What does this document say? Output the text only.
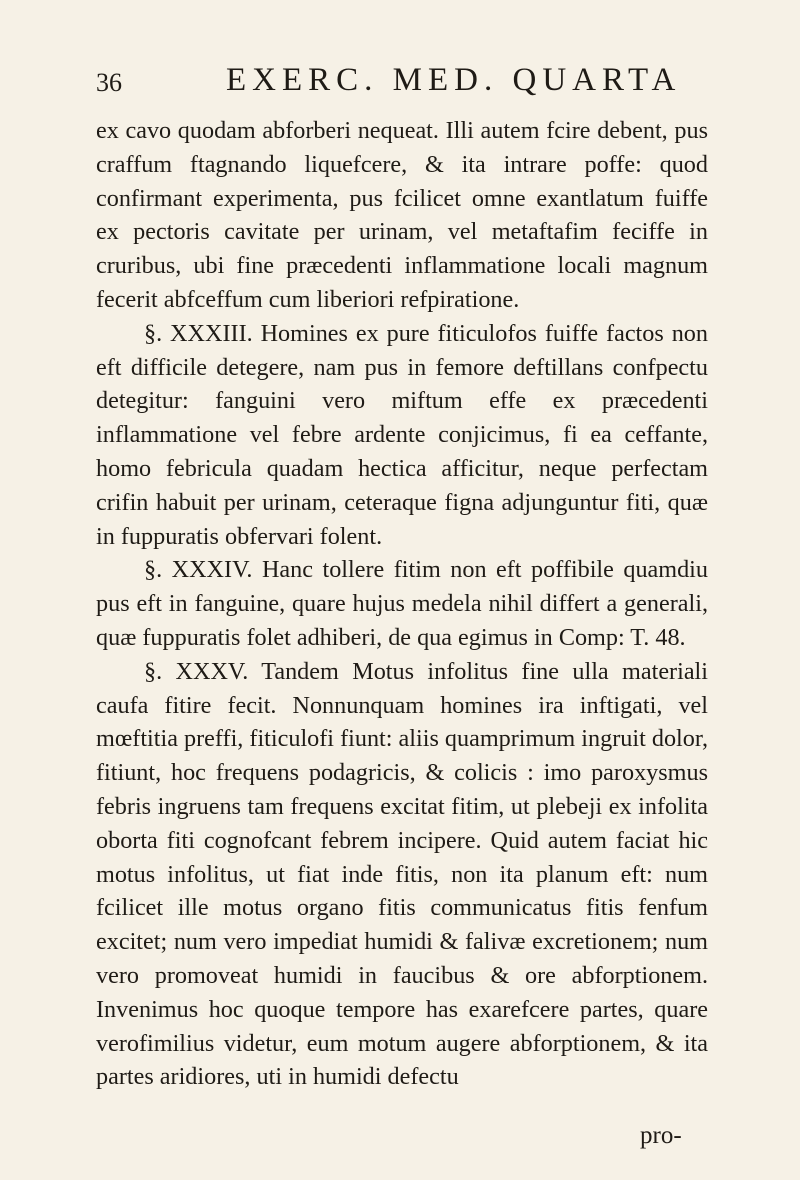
36	EXERC. MED. QUARTA

ex cavo quodam abforberi nequeat. Illi autem fcire debent, pus craffum ftagnando liquefcere, & ita intrare poffe: quod confirmant experimenta, pus fcilicet omne exantlatum fuiffe ex pectoris cavitate per urinam, vel metaftafim feciffe in cruribus, ubi fine præcedenti inflammatione locali magnum fecerit abfceffum cum liberiori refpiratione.

§. XXXIII. Homines ex pure fiticulofos fuiffe factos non eft difficile detegere, nam pus in femore deftillans confpectu detegitur: fanguini vero miftum effe ex præcedenti inflammatione vel febre ardente conjicimus, fi ea ceffante, homo febricula quadam hectica afficitur, neque perfectam crifin habuit per urinam, ceteraque figna adjunguntur fiti, quæ in fuppuratis obfervari folent.

§. XXXIV. Hanc tollere fitim non eft poffibile quamdiu pus eft in fanguine, quare hujus medela nihil differt a generali, quæ fuppuratis folet adhiberi, de qua egimus in Comp: T. 48.

§. XXXV. Tandem Motus infolitus fine ulla materiali caufa fitire fecit. Nonnunquam homines ira inftigati, vel mœftitia preffi, fiticulofi fiunt: aliis quamprimum ingruit dolor, fitiunt, hoc frequens podagricis, & colicis : imo paroxysmus febris ingruens tam frequens excitat fitim, ut plebeji ex infolita oborta fiti cognofcant febrem incipere. Quid autem faciat hic motus infolitus, ut fiat inde fitis, non ita planum eft: num fcilicet ille motus organo fitis communicatus fitis fenfum excitet; num vero impediat humidi & falivæ excretionem; num vero promoveat humidi in faucibus & ore abforptionem. Invenimus hoc quoque tempore has exarefcere partes, quare verofimilius videtur, eum motum augere abforptionem, & ita partes aridiores, uti in humidi defectu

pro-
